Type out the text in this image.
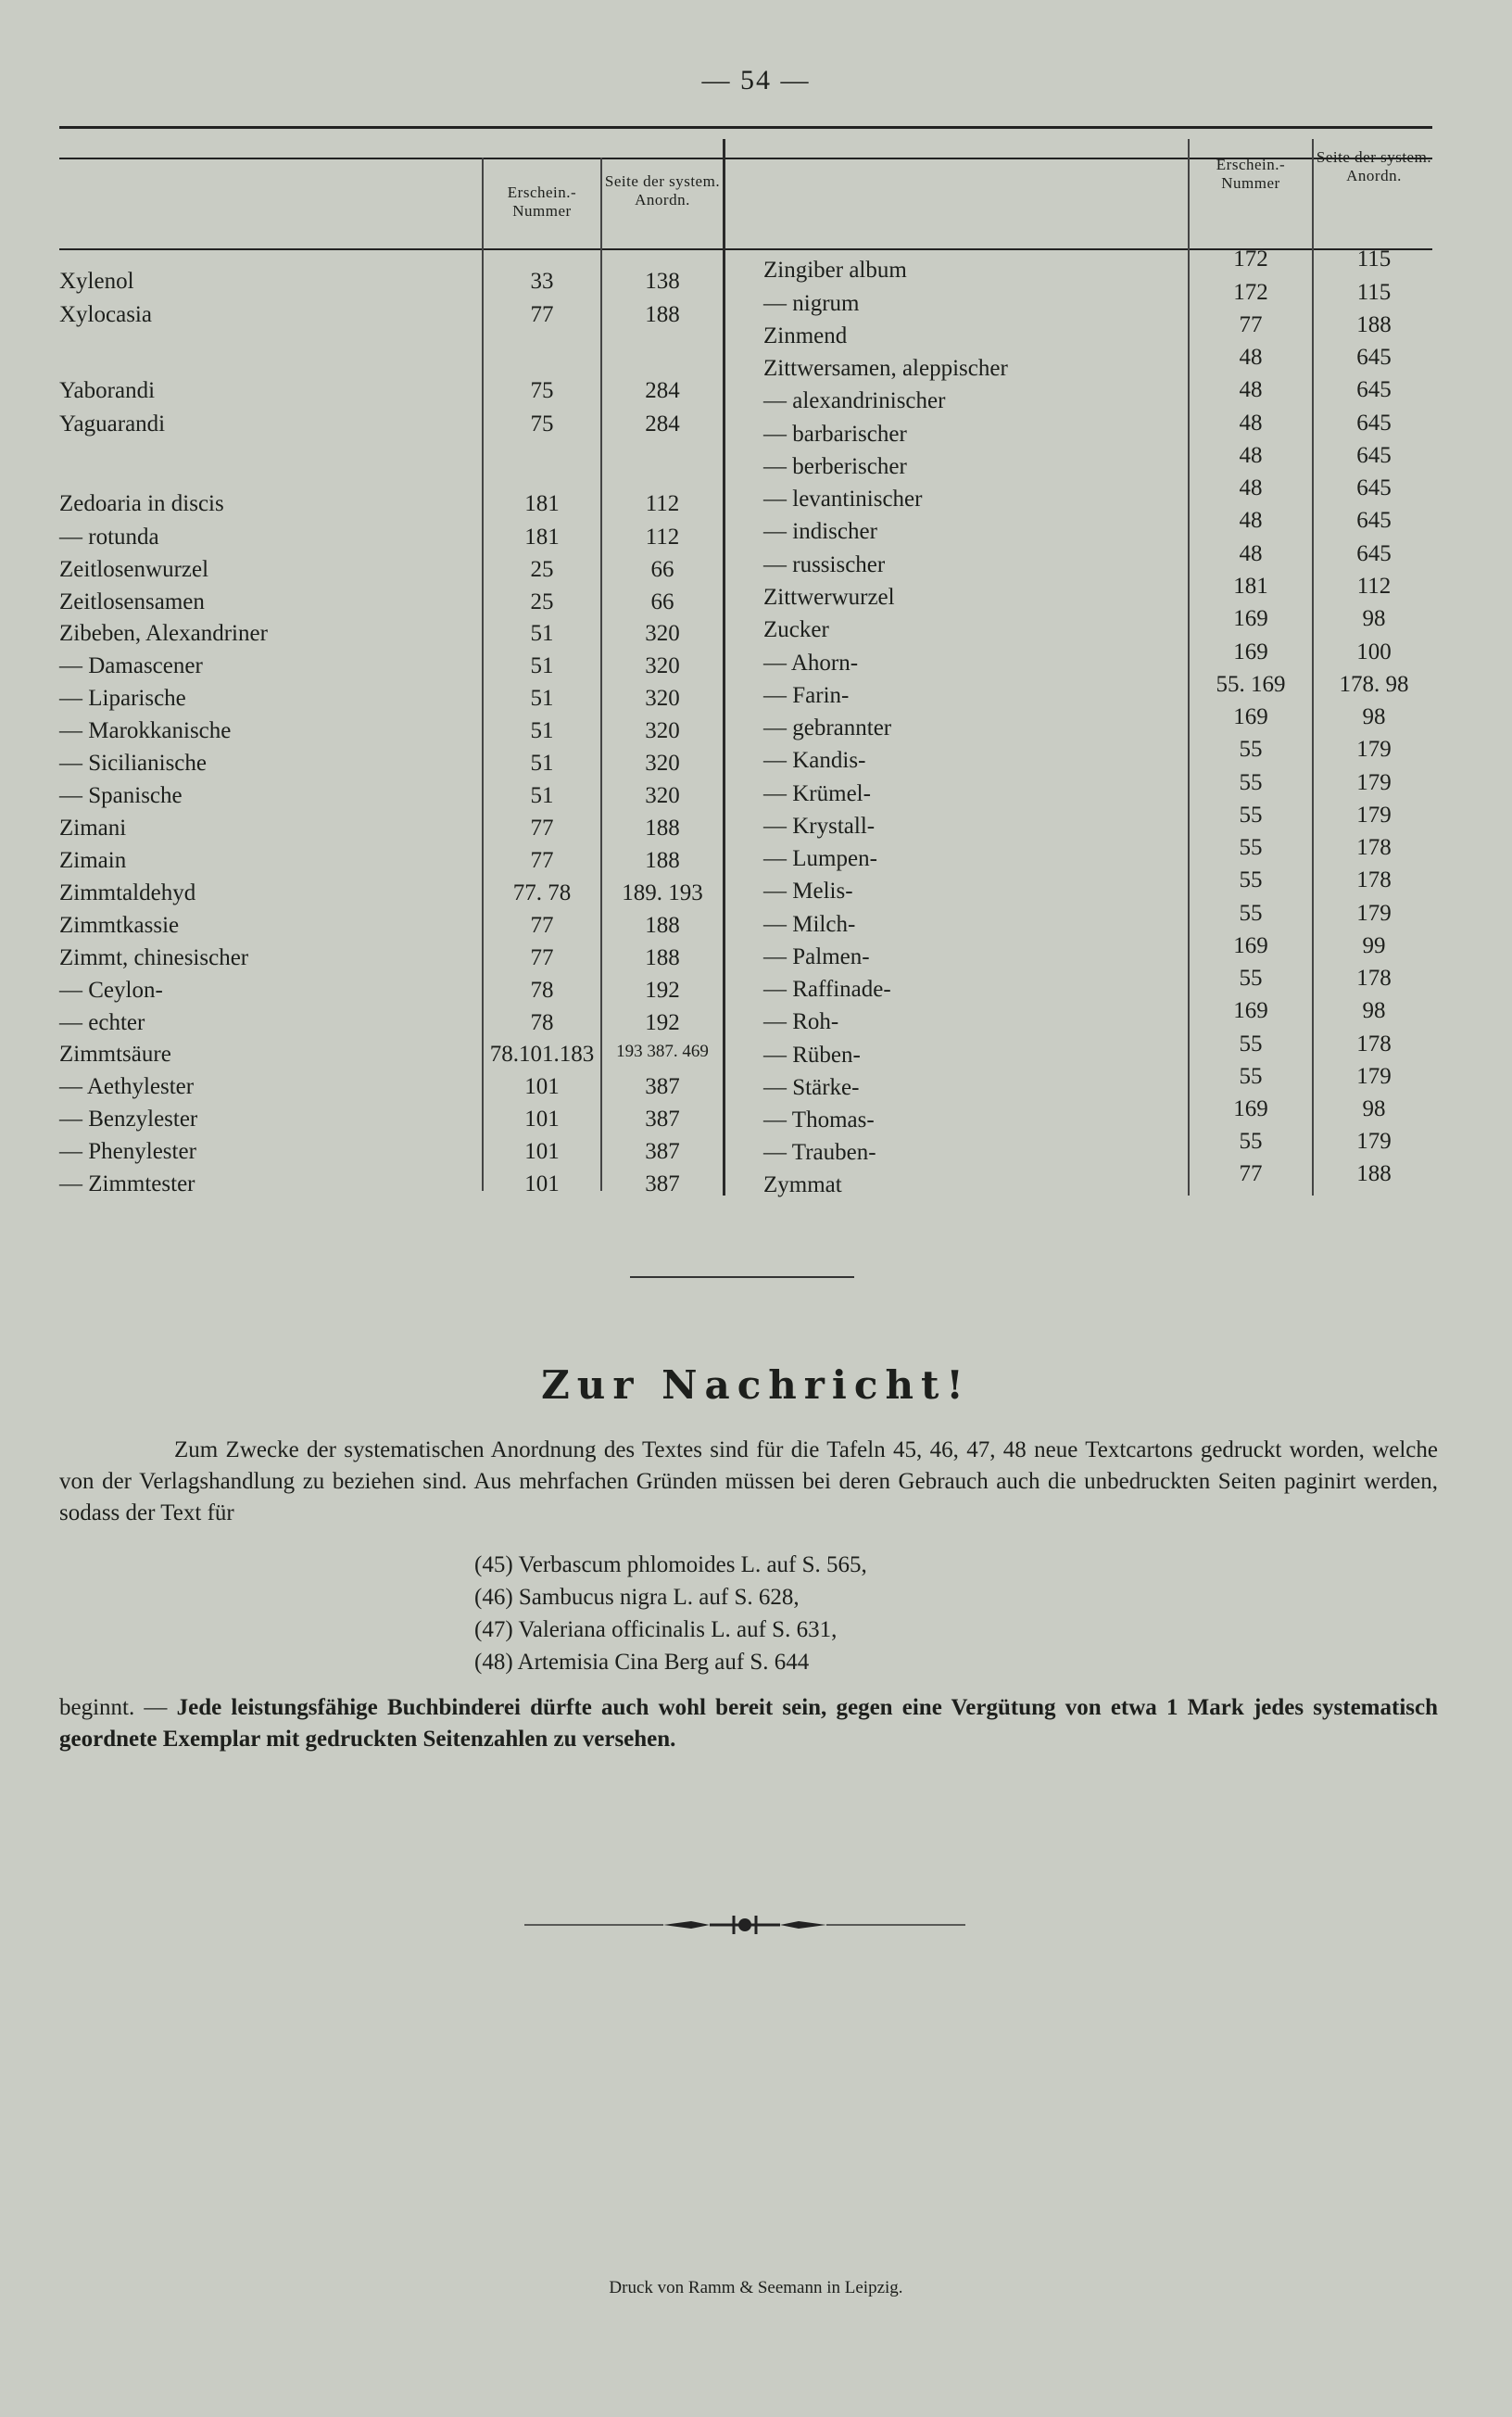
— 54 —
Erschein.- Nummer
Seite der system. Anordn.
Erschein.- Nummer
Seite der system. Anordn.
Xylenol	33	138
Xylocasia	77	188
Yaborandi	75	284
Yaguarandi	75	284
Zedoaria in discis	181	112
— rotunda	181	112
Zeitlosenwurzel	25	66
Zeitlosensamen	25	66
Zibeben, Alexandriner	51	320
— Damascener	51	320
— Liparische	51	320
— Marokkanische	51	320
— Sicilianische	51	320
— Spanische	51	320
Zimani	77	188
Zimain	77	188
Zimmtaldehyd	77. 78	189. 193
Zimmtkassie	77	188
Zimmt, chinesischer	77	188
— Ceylon-	78	192
— echter	78	192
Zimmtsäure	78.101.183	193 387. 469
— Aethylester	101	387
— Benzylester	101	387
— Phenylester	101	387
— Zimmtester	101	387
Zingiber album	172	115
— nigrum	172	115
Zinmend	77	188
Zittwersamen, aleppischer	48	645
— alexandrinischer	48	645
— barbarischer	48	645
— berberischer	48	645
— levantinischer	48	645
— indischer	48	645
— russischer	48	645
Zittwerwurzel	181	112
Zucker	169	98
— Ahorn-	169	100
— Farin-	55. 169	178. 98
— gebrannter	169	98
— Kandis-	55	179
— Krümel-	55	179
— Krystall-	55	179
— Lumpen-	55	178
— Melis-	55	178
— Milch-	55	179
— Palmen-	169	99
— Raffinade-	55	178
— Roh-	169	98
— Rüben-	55	178
— Stärke-	55	179
— Thomas-	169	98
— Trauben-	55	179
Zymmat	77	188
Zur Nachricht!
Zum Zwecke der systematischen Anordnung des Textes sind für die Tafeln 45, 46, 47, 48 neue Textcartons gedruckt worden, welche von der Verlagshandlung zu beziehen sind. Aus mehrfachen Gründen müssen bei deren Gebrauch auch die unbedruckten Seiten paginirt werden, sodass der Text für
(45) Verbascum phlomoides L. auf S. 565,
(46) Sambucus nigra L. auf S. 628,
(47) Valeriana officinalis L. auf S. 631,
(48) Artemisia Cina Berg auf S. 644
beginnt. — Jede leistungsfähige Buchbinderei dürfte auch wohl bereit sein, gegen eine Vergütung von etwa 1 Mark jedes systematisch geordnete Exemplar mit gedruckten Seitenzahlen zu versehen.
Druck von Ramm & Seemann in Leipzig.
